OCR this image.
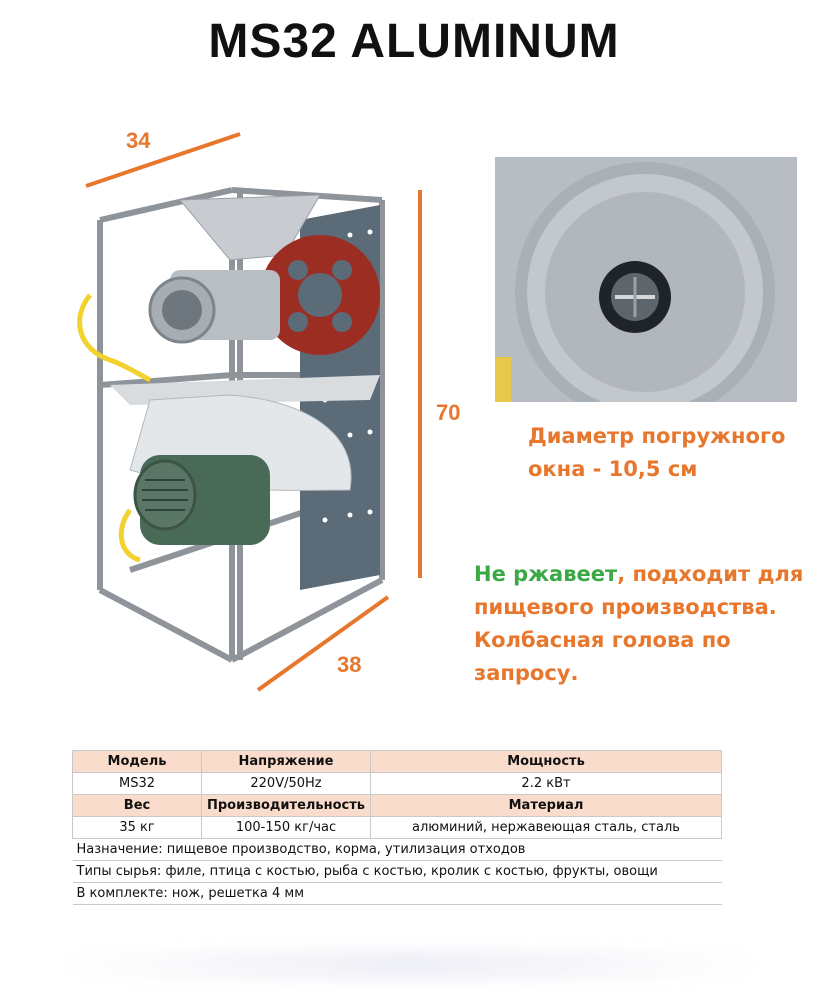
MS32 ALUMINUM
34
70
38
Диаметр погружного
окна - 10,5 см
Не ржавеет, подходит для
пищевого производства.
Колбасная голова по
запросу.
Модель	Напряжение	Мощность
MS32	220V/50Hz	2.2 кВт
Вес	Производительность	Материал
35 кг	100-150 кг/час	алюминий, нержавеющая сталь, сталь
Назначение: пищевое производство, корма, утилизация отходов		
Типы сырья: филе, птица с костью, рыба с костью, кролик с костью, фрукты, овощи		
В комплекте: нож, решетка 4 мм		
